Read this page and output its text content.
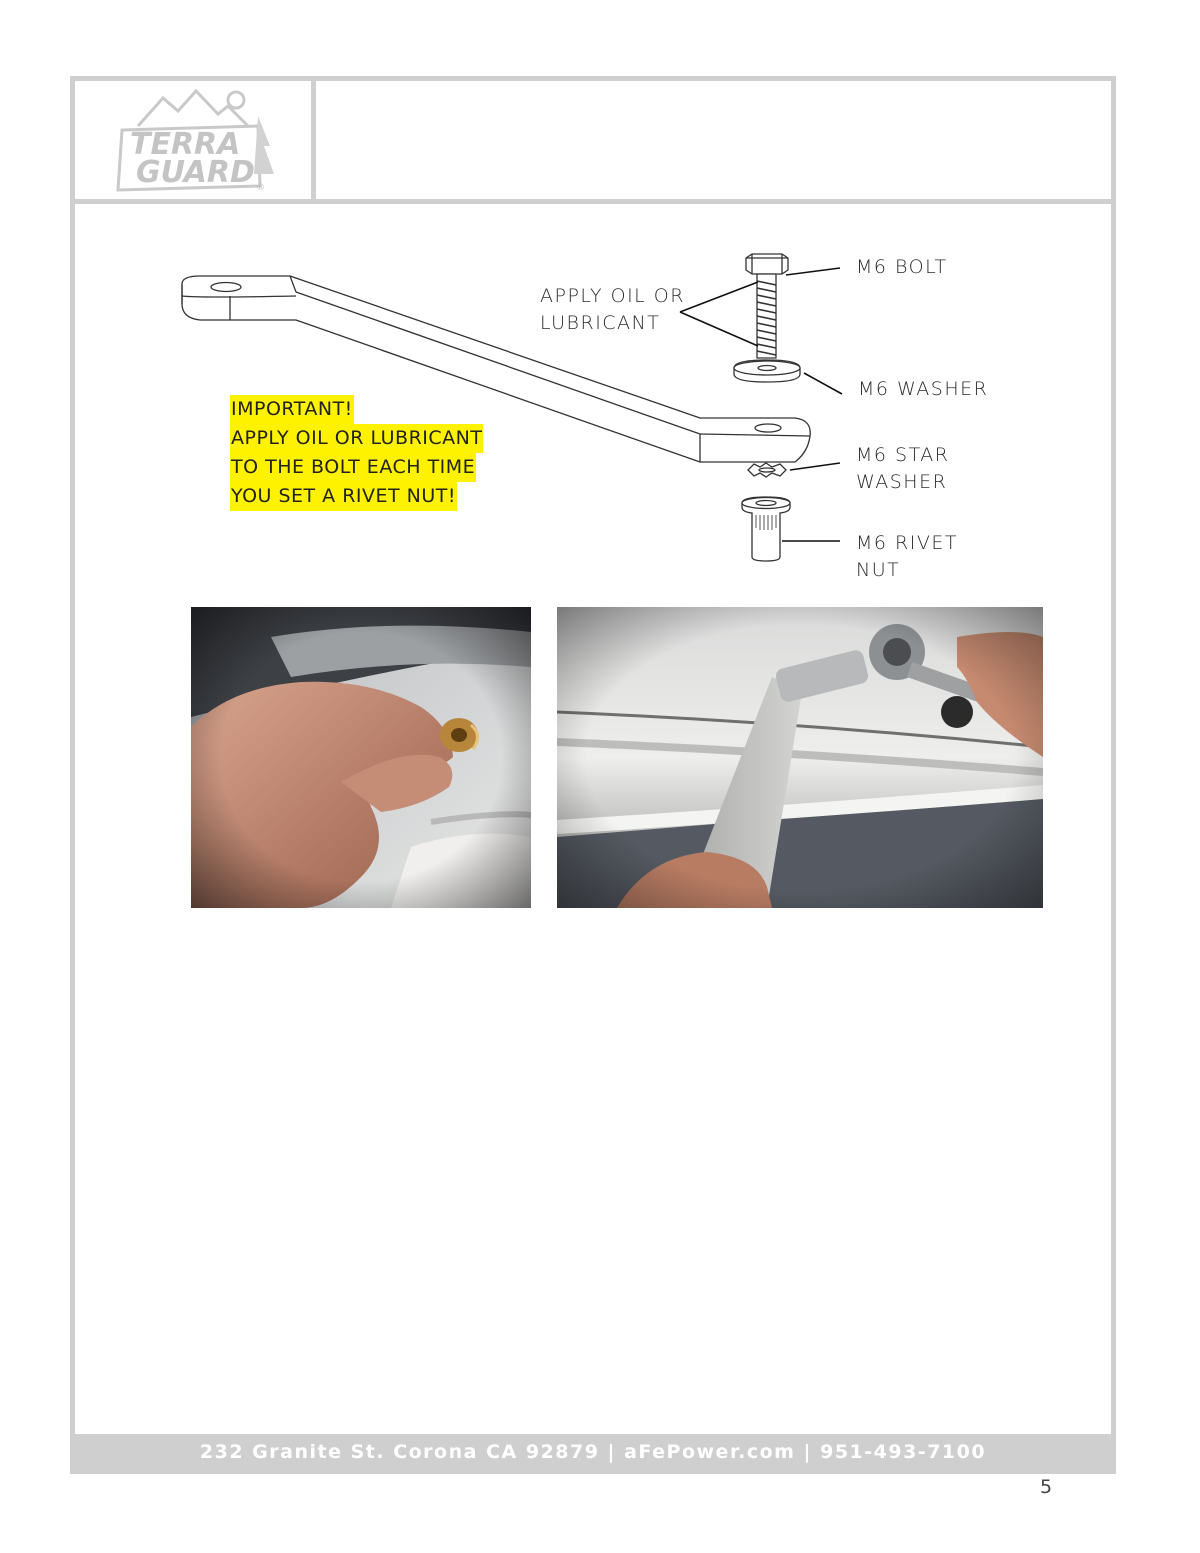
TERRA
GUARD ®
APPLY OIL OR
LUBRICANT
M6 BOLT
M6 WASHER
M6 STAR
WASHER
M6 RIVET
NUT
IMPORTANT!
APPLY OIL OR LUBRICANT
TO THE BOLT EACH TIME
YOU SET A RIVET NUT!
232 Granite St. Corona CA 92879 | aFePower.com | 951-493-7100
5
